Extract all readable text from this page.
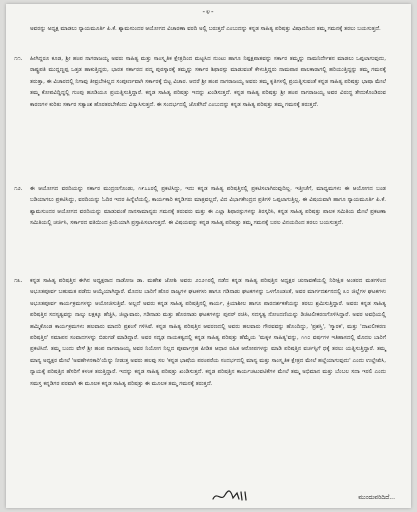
-೪-
ಅವರನ್ನು ಅಧ್ಯಕ್ಷ ಮಾಡಲು ನ್ಯಾಯಮೂರ್ತಿ ಪಿ.ಕೆ. ಶ್ಯಾಮಸುಂದರ ಆಯೋಗದ ವಿಚಾರಣಾ ವರದಿ ಅಲ್ಲಿ ಬರುತ್ತದೆ ಎಂಬುದನ್ನು ಕನ್ನಡ ಸಾಹಿತ್ಯ ಪರಿಷತ್ತು ವಿಷಾದದಿಂದ ತಮ್ಮ ಗಮನಕ್ಕೆ ತರಲು ಬಯಸುತ್ತದೆ.
೧೧. ಹೀಗಿದ್ದರೂ ಕೂಡ, ಶ್ರೀ ಹಂಪ ನಾಗರಾಜಯ್ಯ ಅವರು ಸಾಹಿತ್ಯ ಮತ್ತು ಸಾಂಸ್ಕೃತಿಕ ಕ್ಷೇತ್ರದಿಂದ ಮಟ್ಟಸಿದ ನುಂಟು ಹಾಗೂ ನಿಷ್ಪಕ್ಷಪಾತವನ್ನು ಸರ್ಕಾರ ತಮ್ಮನ್ನು ನಾಮನಿರ್ದೇಶನ ಮಾಡಲು ಒಪ್ಪಲಾಗುವುದು, ರಾಷ್ಟ್ರಪತಿ ಮುದ್ದಣ್ಣಪ್ಪ ಒತ್ತಡ ಹಾಕುತ್ತಿದ್ದರು, ಭಾರತ ಸರ್ಕಾರದ ಪದ್ಮ ಪುರಸ್ಕಾರಕ್ಕೆ ತಮ್ಮನ್ನು ಸರ್ಕಾರ ಶಿಫಾರಸ್ಸು ಮಾಡುವಂತೆ ಕೇಳುತ್ತಿದ್ದರು ನಾಮಪಾಠ ಪಾಲಕಾರಾಗಲ್ಲಿ ಹರಿಯುತ್ತಿದ್ದನ್ನು ತಮ್ಮ ಗಮನಕ್ಕೆ ತರುತ್ತಾ, ಈ ವಿಚಾರದಲ್ಲಿ ನಿಗಾವು ತೀವ್ರಬೇಕಿಲ್ಲದ ಸಂಪೂರ್ಣವಾಗಿ ಸರ್ಕಾರಕ್ಕೆ ಬಿಟ್ಟ ವಿಚಾರ. ಆದರೆ ಶ್ರೀ ಹಂಪ ನಾಗರಾಜಯ್ಯ ಅವರು ತಮ್ಮ ಕೃತಿಗಳಲ್ಲಿ ಪ್ರಯತ್ನಿಸುವಂತೆ ಕನ್ನಡ ಸಾಹಿತ್ಯ ಪರಿಷತ್ತು ಭಾಷಾ ಮೇಲೆ ತಮ್ಮ ಕೋಪವಿದ್ದಿದ್ದಲ್ಲಿ ಗುಂಪು ಹೂಡಿಯೂ ಪ್ರಯತ್ನಿಸುತ್ತಿದ್ದಾರೆ. ಕನ್ನಡ ಸಾಹಿತ್ಯ ಪರಿಷತ್ತು ಇದನ್ನು ಖಂಡಿಸುತ್ತದೆ. ಕನ್ನಡ ಸಾಹಿತ್ಯ ಪರಿಷತ್ತು ಶ್ರೀ ಹಂಪ ನಾಗರಾಜಯ್ಯ ಅವರ ವಿರುದ್ಧ ತೇದುಕೊಂಡಿರುವ ಕಾರಣಗಳ ಕುರಿತು ಸರ್ಕಾರ ಸತ್ಯಾಂಶ ಹೊರತರಬೇಕೆಂದು ವಿನ್ಯಾಸಿಸುತ್ತದೆ. ಈ ಸಂದರ್ಭದಲ್ಲಿ ಜೊತೆಗಿದೆ ಎಂಬುದನ್ನು ಕನ್ನಡ ಸಾಹಿತ್ಯ ಪರಿಷತ್ತು ತಮ್ಮ ಗಮನಕ್ಕೆ ತರುತ್ತದೆ.
೧೨. ಈ ಆಯೋಗದ ವರದಿಯನ್ನು ಸರ್ಕಾರ ಮುದ್ರಣಗೊಂಡು, ೧೯೭೭ರಲ್ಲಿ ಪ್ರಕಟಿಸಿದ್ದು, ಇದು ಕನ್ನಡ ಸಾಹಿತ್ಯ ಪರಿಷತ್ತಿನಲ್ಲಿ ಪ್ರಕಟಿಸಲಾಗಿರುವುದಿಲ್ಲ. ಇತ್ತೀಚೆಗೆ, ಮಾಧ್ಯಮಗಳು ಈ ಆಯೋಗದ ಬಂಡ ಬಡಿಯಾಗಲು ಪ್ರಕಟಿಸಿದ್ದು, ವರದಿಯನ್ನು ಓದಿರ ಇದರ ಹಿನ್ನೆಲೆಯಲ್ಲಿ, ಕಾರ್ಯಕಾರಿ ಕನ್ನಡಿಗರು ಮಾತ್ರವಲ್ಲದೆ, ವಿದ ವಿಭಾಗಕೇಂದ್ರದ ಪ್ರತಿಗಳಿ ಒಪ್ಪಲಾಗುತ್ತಿಲ್ಲ. ಈ ವಿಷಯವಾಗಿ ಹಾಗೂ ನ್ಯಾಯಮೂರ್ತಿ ಪಿ.ಕೆ. ಶ್ಯಾಮಸುಂದರ ಆಯೋಗದ ವರದಿಯನ್ನು ಮಾಡುವಂತೆ ನಾನಸಾಮಾನ್ಯರು ಗಮನಕ್ಕೆ ತರುವರು ಮತ್ತು ಈ ಎಲ್ಲಾ ಶಿಫಾರಸ್ಸುಗಳನ್ನು ತಿರಸ್ಕರಿಸಿ, ಕನ್ನಡ ಸಾಹಿತ್ಯ ಪರಿಷತ್ತು ಪಾಲಕ ಸಮಿತಿಯ ಮೇಲೆ ಪ್ರಕಟಣಾ ಸಮಿತಿಯಲ್ಲಿ ಚರ್ಚಿಸಿ, ಸರ್ಕಾರದ ವತಿಯಿಂದ ಕ್ರಿಯೆಯಾಗಿ ಪ್ರಸ್ತಾಪಿಸಲಾಗುತ್ತದೆ. ಈ ವಿಷಯವನ್ನು ಕನ್ನಡ ಸಾಹಿತ್ಯ ಪರಿಷತ್ತು ತಮ್ಮ ಗಮನಕ್ಕೆ ಬರಲ ವಿನಯದಿಂದ ತರಲು ಬಯಸುತ್ತದೆ.
೧೩. ಕನ್ನಡ ಸಾಹಿತ್ಯ ಪರಿಷತ್ತಿನ ಈಗಿನ ಅಧ್ಯಕ್ಷರಾದ ನಾಡೋಜ ಡಾ. ಮಹೇಶ ಜೋಶಿ ಅವರು ೨೦೨೧ರಲ್ಲಿ ನಡೆದ ಕನ್ನಡ ಸಾಹಿತ್ಯ ಪರಿಷತ್ತಿನ ಅಧ್ಯಕ್ಷರ ಚುನಾವಣೆಯಲ್ಲಿ ನಿರೀಕ್ಷಿತ ಅಂತರದ ಮತಗಳಿಂದ ಅಭೂತಪೂರ್ವ ಬಹುಮತ ಪಡೆದು ಆಯ್ಕೆಯಾಗಿದ್ದಾರೆ. ಮೊದಲ ಬಾರಿಗೆ ಹೊರ ರಾಜ್ಯಗಳ ಘಟಕಗಳು ಹಾಗೂ ಗಡಿನಾಡು ಘಟಕಗಳನ್ನು ಒಳಗೊಂಡಂತೆ, ಅವರ ಮಾರ್ಗದರ್ಶನದಲ್ಲಿ ೩೦ ಜಿಲ್ಲೆಗಳ ಘಟಕಗಳು ಅಭೂತಪೂರ್ವ ಕಾರ್ಯಕ್ರಮಗಳನ್ನು ಆಯೋಜಿಸುತ್ತಿವೆ. ಅಲ್ಲದೆ ಅವರು ಕನ್ನಡ ಸಾಹಿತ್ಯ ಪರಿಷತ್ತಿನಲ್ಲಿ ಕಾರ್ಯ, ಕ್ರಿಯಾಶೀಲ ಹಾಗೂ ಪಾರದರ್ಶಕತೆಯನ್ನು ತರಲು ಶ್ರಮಿಸುತ್ತಿದ್ದಾರೆ. ಅವರು ಕನ್ನಡ ಸಾಹಿತ್ಯ ಪರಿಷತ್ತಿನ ಸದಸ್ಯತ್ವವನ್ನು ನಾಲ್ಕು ಲಕ್ಷಕ್ಕೂ ಹೆಚ್ಚಿಸಿ, ಜಿಲ್ಲಾವಾರು, ಗಡಿನಾಡು ಮತ್ತು ಹೊರನಾಡು ಘಟಕಗಳನ್ನು ಪುನರ್ ರಚಿಸಿ, ಸದಸ್ಯತ್ವ ನೋಂದಣಿಯನ್ನು ಡಿಜಿಟಲೀಕರಣಗೊಳಿಸಿದ್ದಾರೆ. ಅವರ ಅವಧಿಯಲ್ಲಿ ಹಮ್ಮಿಕೊಂಡ ಕಾರ್ಯಕ್ರಮಗಳು ಹಲವಾರು ಮಾದರಿ ಪ್ರಶಂಸೆ ಗಳಿಸಿವೆ. ಕನ್ನಡ ಸಾಹಿತ್ಯ ಪರಿಷತ್ತಿನ ಆವರಣದಲ್ಲಿ ಅವರು ಹಲವಾರು ಗೌರವವನ್ನು ಹೊಂದಿದ್ದು, 'ಪ್ರಶಸ್ತಿ', 'ಸ್ಮಾರಕ', ಮತ್ತು 'ದಾಖಲೀಕರಣ ಪರಿಷತ್ತಿನ' ಸಮಾಪನ ಸಂವಾದಗಳನ್ನು ಬಿಡುಗಡೆ ಮಾಡಿದ್ದಾರೆ. ಅವರ ಸದೃಢ ನಾಯಕತ್ವದಲ್ಲಿ ಕನ್ನಡ ಸಾಹಿತ್ಯ ಪರಿಷತ್ತು ಹೆಮ್ಮೆಯ 'ಮಕ್ಕಳ ಸಾಹಿತ್ಯ'ವನ್ನು, ೧೧೦ ವರ್ಷಗಳ ಇತಿಹಾಸದಲ್ಲಿ ಮೊದಲ ಬಾರಿಗೆ ಪ್ರಕಟಿಸಿದೆ. ತಮ್ಮ ಬಂದು ವೇಳೆ ಶ್ರೀ ಹಂಪ ನಾಗರಾಜಯ್ಯ ಅವರ ನಿಯೋಗ ನಿಲ್ಲದ ಪೂರ್ವಾಗ್ರಹ ಪೀಡಿತ ಆಧಾರ ರಹಿತ ಆರೋಪಗಳನ್ನು ಮಾಡಿ ಪರಿಷತ್ತಿನ ವರ್ಚಸ್ಸಿಗೆ ಧಕ್ಕೆ ತರಲು ಯತ್ನಿಸುತ್ತಿದ್ದಾರೆ. ತಮ್ಮ ಮಾನ್ಯ ಅಧ್ಯಕ್ಷರ ಮೇಲೆ 'ಅವಹೇಳನಕಾರಿ'ಯೆನ್ನು ನೀಡುತ್ತ ಅವರು ಹಲವು ಸಲ 'ಕನ್ನಡ ಭಾಷೆಯ ಪರಂಪರೆಯ ಸಂದರ್ಭದಲ್ಲಿ ಮಾನ್ಯ ಮತ್ತು ಸಾಂಸ್ಕೃತಿಕ ಕ್ಷೇತ್ರದ ಮೇಲೆ ಹಲ್ಲೆಯಾಗುವುದು' ಎಂದು ಉಲ್ಲೇಖಿಸಿ, ನ್ಯಾಯಕ್ಕೆ ಪರಿಷತ್ತಿನ ಹೆಸರಿಗೆ ಕಳಂಕ ತರುತ್ತಿದ್ದಾರೆ. ಇದನ್ನು ಕನ್ನಡ ಸಾಹಿತ್ಯ ಪರಿಷತ್ತು ಖಂಡಿಸುತ್ತದೆ. ಕನ್ನಡ ಪರಿಷತ್ತಿನ ಕಾರ್ಯಚಟುವಟಿಕೆಗಳ ಮೇಲೆ ತಮ್ಮ ಅಭಿಮಾನ ಮತ್ತು ಬೆಂಬಲ ಸದಾ ಇರಲಿ ಎಂದು ಸಮಸ್ತ ಕನ್ನಡಿಗರ ಪರವಾಗಿ ಈ ಮೂಲಕ ಕನ್ನಡ ಸಾಹಿತ್ಯ ಪರಿಷತ್ತು ಈ ಮೂಲಕ ತಮ್ಮ ಗಮನಕ್ಕೆ ತರುತ್ತದೆ.
ಮುಂದುವರಿದಿದೆ...
